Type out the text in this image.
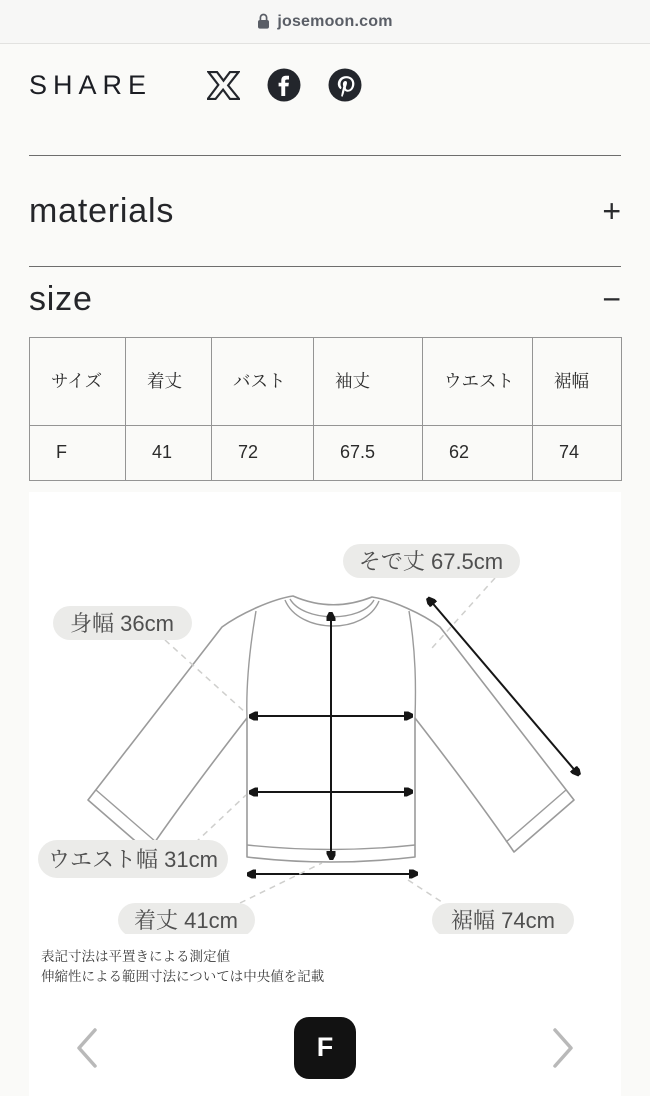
josemoon.com
SHARE
materials	+
size	−
サイズ	着丈	バスト	袖丈	ウエスト	裾幅
F	41	72	67.5	62	74
そで丈 67.5cm
身幅 36cm
ウエスト幅 31cm
着丈 41cm	裾幅 74cm
表記寸法は平置きによる測定値
伸縮性による範囲寸法については中央値を記載
F
